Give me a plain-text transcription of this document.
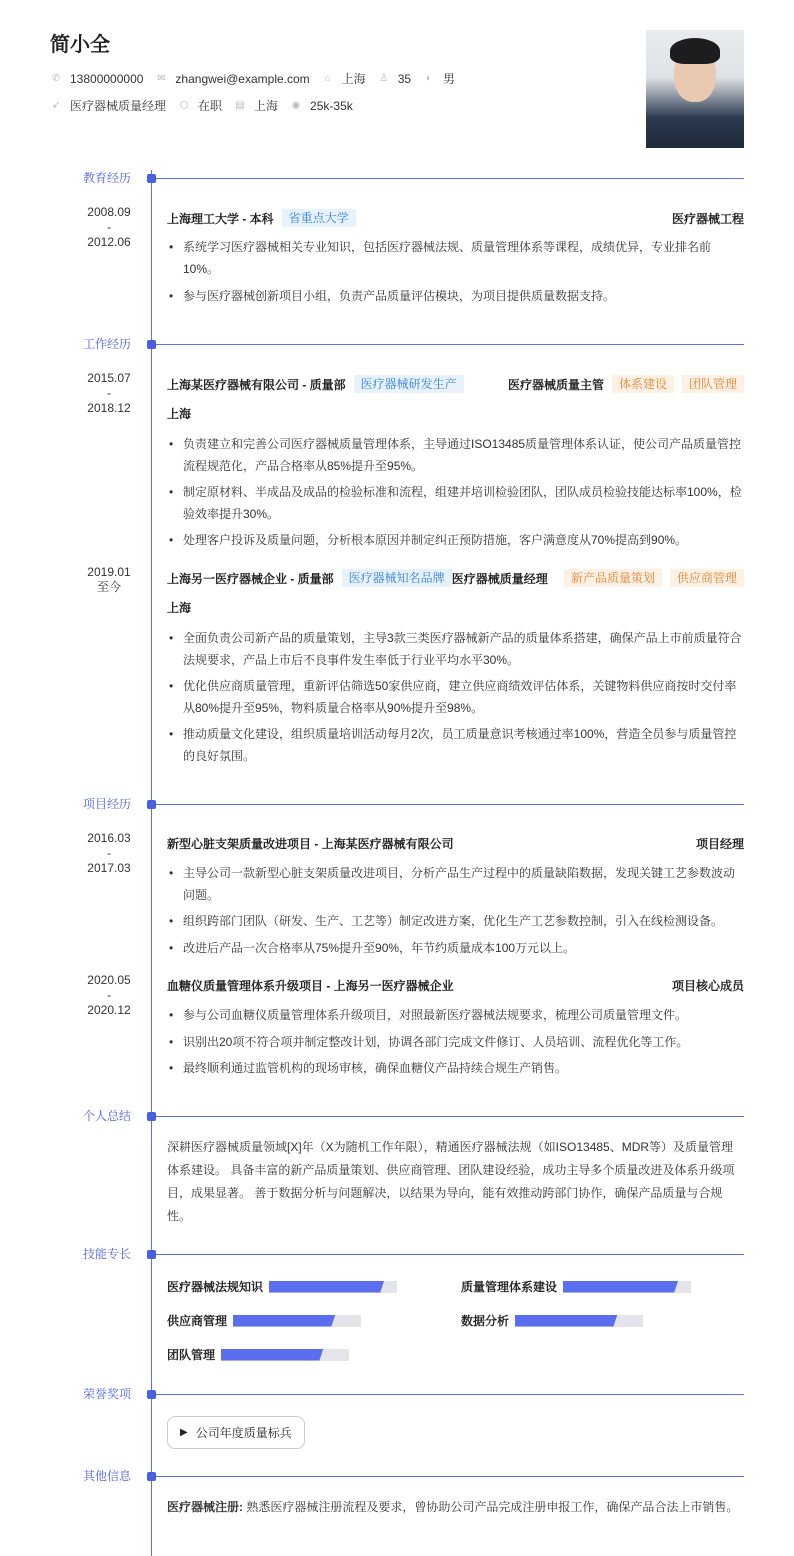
简小全
✆ 13800000000 ✉ zhangwei@example.com ⌂ 上海 ♙ 35 ◐ 男
➶ 医疗器械质量经理 ⬡ 在职 ▤ 上海 ◉ 25k-35k
教育经历
2008.09
-
2012.06
上海理工大学 - 本科	省重点大学	医疗器械工程
• 系统学习医疗器械相关专业知识，包括医疗器械法规、质量管理体系等课程，成绩优异，专业排名前10%。
• 参与医疗器械创新项目小组，负责产品质量评估模块，为项目提供质量数据支持。
工作经历
2015.07
-
2018.12
上海某医疗器械有限公司 - 质量部	医疗器械研发生产	医疗器械质量主管	体系建设	团队管理
上海
• 负责建立和完善公司医疗器械质量管理体系，主导通过ISO13485质量管理体系认证，使公司产品质量管控流程规范化，产品合格率从85%提升至95%。
• 制定原材料、半成品及成品的检验标准和流程，组建并培训检验团队，团队成员检验技能达标率100%，检验效率提升30%。
• 处理客户投诉及质量问题，分析根本原因并制定纠正预防措施，客户满意度从70%提高到90%。
2019.01
至今
上海另一医疗器械企业 - 质量部	医疗器械知名品牌 医疗器械质量经理	新产品质量策划	供应商管理
上海
• 全面负责公司新产品的质量策划，主导3款三类医疗器械新产品的质量体系搭建，确保产品上市前质量符合法规要求，产品上市后不良事件发生率低于行业平均水平30%。
• 优化供应商质量管理，重新评估筛选50家供应商，建立供应商绩效评估体系，关键物料供应商按时交付率从80%提升至95%，物料质量合格率从90%提升至98%。
• 推动质量文化建设，组织质量培训活动每月2次，员工质量意识考核通过率100%，营造全员参与质量管控的良好氛围。
项目经历
2016.03
-
2017.03
新型心脏支架质量改进项目 - 上海某医疗器械有限公司	项目经理
• 主导公司一款新型心脏支架质量改进项目，分析产品生产过程中的质量缺陷数据，发现关键工艺参数波动问题。
• 组织跨部门团队（研发、生产、工艺等）制定改进方案，优化生产工艺参数控制，引入在线检测设备。
• 改进后产品一次合格率从75%提升至90%，年节约质量成本100万元以上。
2020.05
-
2020.12
血糖仪质量管理体系升级项目 - 上海另一医疗器械企业	项目核心成员
• 参与公司血糖仪质量管理体系升级项目，对照最新医疗器械法规要求，梳理公司质量管理文件。
• 识别出20项不符合项并制定整改计划，协调各部门完成文件修订、人员培训、流程优化等工作。
• 最终顺利通过监管机构的现场审核，确保血糖仪产品持续合规生产销售。
个人总结
深耕医疗器械质量领域[X]年（X为随机工作年限），精通医疗器械法规（如ISO13485、MDR等）及质量管理体系建设。 具备丰富的新产品质量策划、供应商管理、团队建设经验，成功主导多个质量改进及体系升级项目，成果显著。 善于数据分析与问题解决，以结果为导向，能有效推动跨部门协作，确保产品质量与合规性。
技能专长
医疗器械法规知识	质量管理体系建设
供应商管理	数据分析
团队管理
荣誉奖项
▶ 公司年度质量标兵
其他信息
医疗器械注册: 熟悉医疗器械注册流程及要求，曾协助公司产品完成注册申报工作，确保产品合法上市销售。
